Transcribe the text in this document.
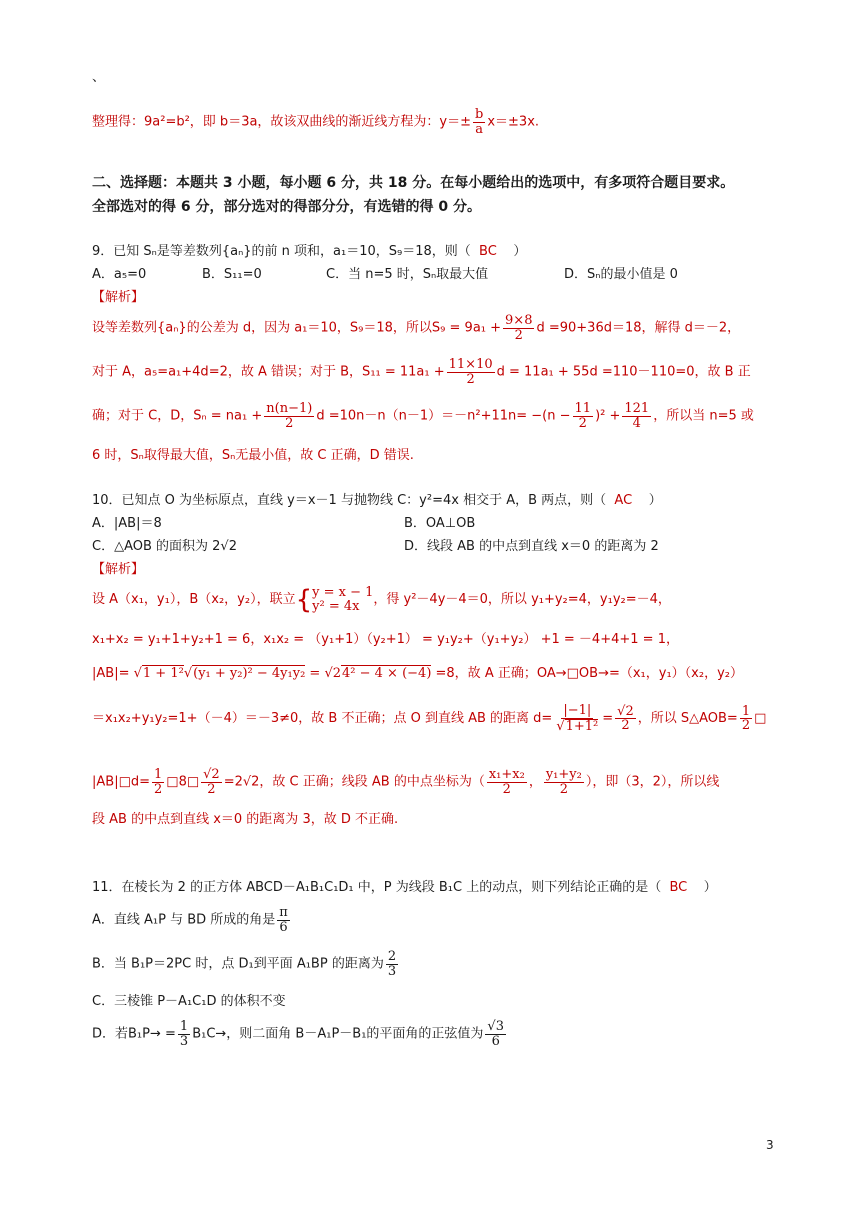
、
整理得：9a²=b²，即 b＝3a，故该双曲线的渐近线方程为：$y=\pm \frac{b}{a} x=\pm 3x$.
二、选择题：本题共 3 小题，每小题 6 分，共 18 分。在每小题给出的选项中，有多项符合题目要求。
全部选对的得 6 分，部分选对的得部分分，有选错的得 0 分。
9．已知 Sₙ是等差数列{aₙ}的前 n 项和，a₁＝10，S₉＝18，则（ BC ）
A．a₅=0	B．S₁₁=0	C．当 n=5 时，Sₙ取最大值	D．Sₙ的最小值是 0
【解析】
设等差数列{aₙ}的公差为 d，因为 a₁＝10，S₉＝18，所以$S_9 = 9a_1 + \frac{9\times 8}{2}$ d =90+36d＝18，解得 d＝－2，
对于 A，a₅=a₁+4d=2，故 A 错误；对于 B，$S_{11} = 11a_1 + \frac{11\times 10}{2}$ d = 11a₁ + 55d =110－110=0，故 B 正
确；对于 C，D，$S_n = na_1 + \frac{n(n-1)}{2}$ $d =10n-n(n-1)=-n^2+11n= -(n - \frac{11}{2} )^2 + \frac{121}{4}$ ，所以当 n=5 或
6 时，Sₙ取得最大值，Sₙ无最小值，故 C 正确，D 错误.
10．已知点 O 为坐标原点，直线 y＝x－1 与抛物线 C：y²=4x 相交于 A，B 两点，则（ AC ）
A．|AB|＝8	B．OA⊥OB
C．△AOB 的面积为 2√2	D．线段 AB 的中点到直线 x＝0 的距离为 2
【解析】
设 A（x₁，y₁），B（x₂，y₂），联立 { y = x − 1
y² = 4x	，得 y²－4y－4＝0，所以 y₁+y₂=4，y₁y₂=－4，
x₁+x₂ = y₁+1+y₂+1 = 6，x₁x₂ = （y₁+1）（y₂+1） = y₁y₂+（y₁+y₂） +1 = －4+4+1 = 1，
|AB|= √1 + 1²√(y₁ + y₂)² − 4y₁y₂ = √24² − 4 × (−4) =8，故 A 正确；OA→□OB→=（x₁，y₁）（x₂，y₂）
＝x₁x₂+y₁y₂=1+（－4）＝－3≠0，故 B 不正确；点 O 到直线 AB 的距离 $d= \frac{|-1|}{\text{√1+1²}} = \frac{√2}{2}$ ，所以 S△AOB= $\frac{1}{2}$ □
|AB|□d= $\frac{1}{2}$ □8□ $\frac{√2}{2} =2√2$，故 C 正确；线段 AB 的中点坐标为（ $\frac{\text{x₁+x₂}}{2}$ ， $\frac{\text{y₁+y₂}}{2}$ ），即（3，2），所以线
段 AB 的中点到直线 x＝0 的距离为 3，故 D 不正确.
11．在棱长为 2 的正方体 ABCD－A₁B₁C₁D₁ 中，P 为线段 B₁C 上的动点，则下列结论正确的是（ BC ）
A．直线 A₁P 与 BD 所成的角是 $\frac{\pi}{6}$
B．当 B₁P＝2PC 时，点 D₁到平面 A₁BP 的距离为 $\frac{2}{3}$
C．三棱锥 P－A₁C₁D 的体积不变
D．若$B_1P\to = \frac{1}{3} B_1C\to$，则二面角 B－A₁P－B₁的平面角的正弦值为 $\frac{√3}{6}$
3
